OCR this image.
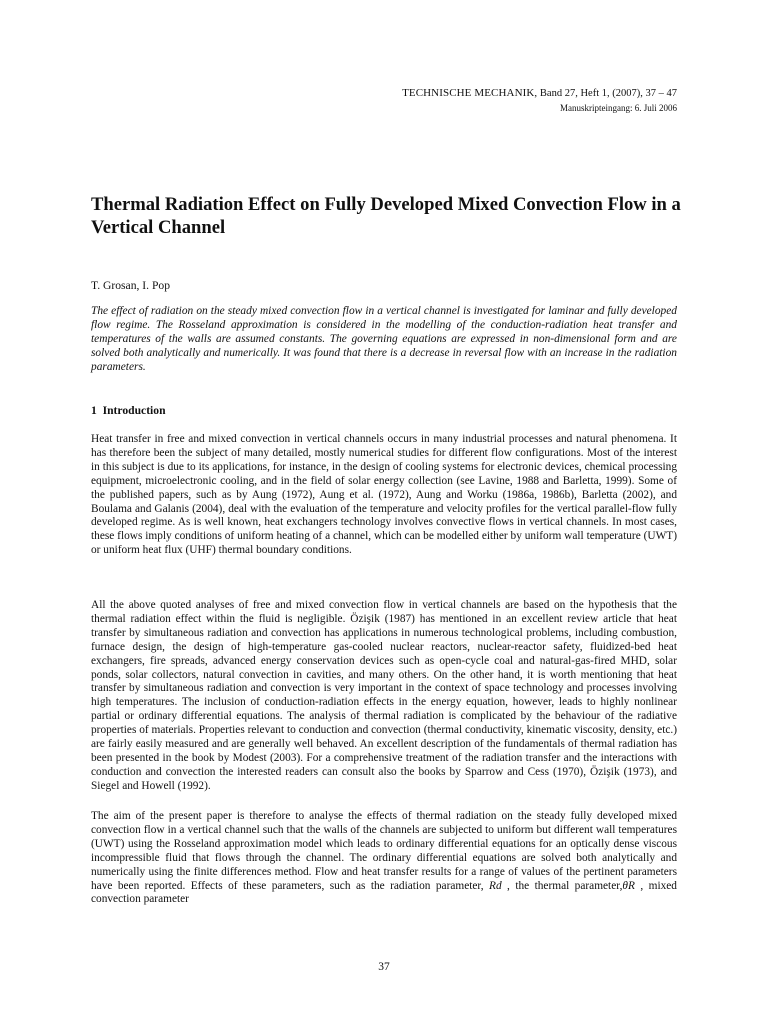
TECHNISCHE MECHANIK, Band 27, Heft 1, (2007), 37 – 47
Manuskripteingang: 6. Juli 2006
Thermal Radiation Effect on Fully Developed Mixed Convection Flow in a Vertical Channel
T. Grosan, I. Pop

The effect of radiation on the steady mixed convection flow in a vertical channel is investigated for laminar and fully developed flow regime. The Rosseland approximation is considered in the modelling of the conduction-radiation heat transfer and temperatures of the walls are assumed constants. The governing equations are expressed in non-dimensional form and are solved both analytically and numerically. It was found that there is a decrease in reversal flow with an increase in the radiation parameters.

1 Introduction

Heat transfer in free and mixed convection in vertical channels occurs in many industrial processes and natural phenomena. It has therefore been the subject of many detailed, mostly numerical studies for different flow configurations. Most of the interest in this subject is due to its applications, for instance, in the design of cooling systems for electronic devices, chemical processing equipment, microelectronic cooling, and in the field of solar energy collection (see Lavine, 1988 and Barletta, 1999). Some of the published papers, such as by Aung (1972), Aung et al. (1972), Aung and Worku (1986a, 1986b), Barletta (2002), and Boulama and Galanis (2004), deal with the evaluation of the temperature and velocity profiles for the vertical parallel-flow fully developed regime. As is well known, heat exchangers technology involves convective flows in vertical channels. In most cases, these flows imply conditions of uniform heating of a channel, which can be modelled either by uniform wall temperature (UWT) or uniform heat flux (UHF) thermal boundary conditions.

All the above quoted analyses of free and mixed convection flow in vertical channels are based on the hypothesis that the thermal radiation effect within the fluid is negligible. Özişik (1987) has mentioned in an excellent review article that heat transfer by simultaneous radiation and convection has applications in numerous technological problems, including combustion, furnace design, the design of high-temperature gas-cooled nuclear reactors, nuclear-reactor safety, fluidized-bed heat exchangers, fire spreads, advanced energy conservation devices such as open-cycle coal and natural-gas-fired MHD, solar ponds, solar collectors, natural convection in cavities, and many others. On the other hand, it is worth mentioning that heat transfer by simultaneous radiation and convection is very important in the context of space technology and processes involving high temperatures. The inclusion of conduction-radiation effects in the energy equation, however, leads to highly nonlinear partial or ordinary differential equations. The analysis of thermal radiation is complicated by the behaviour of the radiative properties of materials. Properties relevant to conduction and convection (thermal conductivity, kinematic viscosity, density, etc.) are fairly easily measured and are generally well behaved. An excellent description of the fundamentals of thermal radiation has been presented in the book by Modest (2003). For a comprehensive treatment of the radiation transfer and the interactions with conduction and convection the interested readers can consult also the books by Sparrow and Cess (1970), Özişik (1973), and Siegel and Howell (1992).

The aim of the present paper is therefore to analyse the effects of thermal radiation on the steady fully developed mixed convection flow in a vertical channel such that the walls of the channels are subjected to uniform but different wall temperatures (UWT) using the Rosseland approximation model which leads to ordinary differential equations for an optically dense viscous incompressible fluid that flows through the channel. The ordinary differential equations are solved both analytically and numerically using the finite differences method. Flow and heat transfer results for a range of values of the pertinent parameters have been reported. Effects of these parameters, such as the radiation parameter, Rd , the thermal parameter,θR , mixed convection parameter

37
